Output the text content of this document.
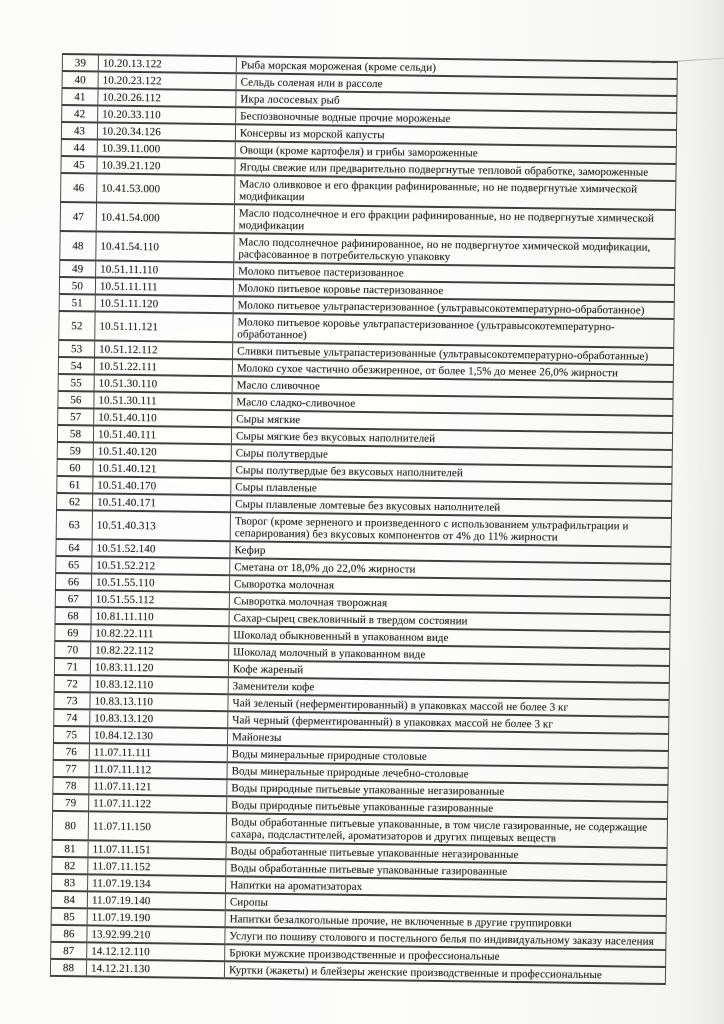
39	10.20.13.122	Рыба морская мороженая (кроме сельди)
40	10.20.23.122	Сельдь соленая или в рассоле
41	10.20.26.112	Икра лососевых рыб
42	10.20.33.110	Беспозвоночные водные прочие мороженые
43	10.20.34.126	Консервы из морской капусты
44	10.39.11.000	Овощи (кроме картофеля) и грибы замороженные
45	10.39.21.120	Ягоды свежие или предварительно подвергнутые тепловой обработке, замороженные
46	10.41.53.000	Масло оливковое и его фракции рафинированные, но не подвергнутые химической модификации
47	10.41.54.000	Масло подсолнечное и его фракции рафинированные, но не подвергнутые химической модификации
48	10.41.54.110	Масло подсолнечное рафинированное, но не подвергнутое химической модификации, расфасованное в потребительскую упаковку
49	10.51.11.110	Молоко питьевое пастеризованное
50	10.51.11.111	Молоко питьевое коровье пастеризованное
51	10.51.11.120	Молоко питьевое ультрапастеризованное (ультравысокотемпературно-обработанное)
52	10.51.11.121	Молоко питьевое коровье ультрапастеризованное (ультравысокотемпературно-обработанное)
53	10.51.12.112	Сливки питьевые ультрапастеризованные (ультравысокотемпературно-обработанные)
54	10.51.22.111	Молоко сухое частично обезжиренное, от более 1,5% до менее 26,0% жирности
55	10.51.30.110	Масло сливочное
56	10.51.30.111	Масло сладко-сливочное
57	10.51.40.110	Сыры мягкие
58	10.51.40.111	Сыры мягкие без вкусовых наполнителей
59	10.51.40.120	Сыры полутвердые
60	10.51.40.121	Сыры полутвердые без вкусовых наполнителей
61	10.51.40.170	Сыры плавленые
62	10.51.40.171	Сыры плавленые ломтевые без вкусовых наполнителей
63	10.51.40.313	Творог (кроме зерненого и произведенного с использованием ультрафильтрации и сепарирования) без вкусовых компонентов от 4% до 11% жирности
64	10.51.52.140	Кефир
65	10.51.52.212	Сметана от 18,0% до 22,0% жирности
66	10.51.55.110	Сыворотка молочная
67	10.51.55.112	Сыворотка молочная творожная
68	10.81.11.110	Сахар-сырец свекловичный в твердом состоянии
69	10.82.22.111	Шоколад обыкновенный в упакованном виде
70	10.82.22.112	Шоколад молочный в упакованном виде
71	10.83.11.120	Кофе жареный
72	10.83.12.110	Заменители кофе
73	10.83.13.110	Чай зеленый (неферментированный) в упаковках массой не более 3 кг
74	10.83.13.120	Чай черный (ферментированный) в упаковках массой не более 3 кг
75	10.84.12.130	Майонезы
76	11.07.11.111	Воды минеральные природные столовые
77	11.07.11.112	Воды минеральные природные лечебно-столовые
78	11.07.11.121	Воды природные питьевые упакованные негазированные
79	11.07.11.122	Воды природные питьевые упакованные газированные
80	11.07.11.150	Воды обработанные питьевые упакованные, в том числе газированные, не содержащие сахара, подсластителей, ароматизаторов и других пищевых веществ
81	11.07.11.151	Воды обработанные питьевые упакованные негазированные
82	11.07.11.152	Воды обработанные питьевые упакованные газированные
83	11.07.19.134	Напитки на ароматизаторах
84	11.07.19.140	Сиропы
85	11.07.19.190	Напитки безалкогольные прочие, не включенные в другие группировки
86	13.92.99.210	Услуги по пошиву столового и постельного белья по индивидуальному заказу населения
87	14.12.12.110	Брюки мужские производственные и профессиональные
88	14.12.21.130	Куртки (жакеты) и блейзеры женские производственные и профессиональные
